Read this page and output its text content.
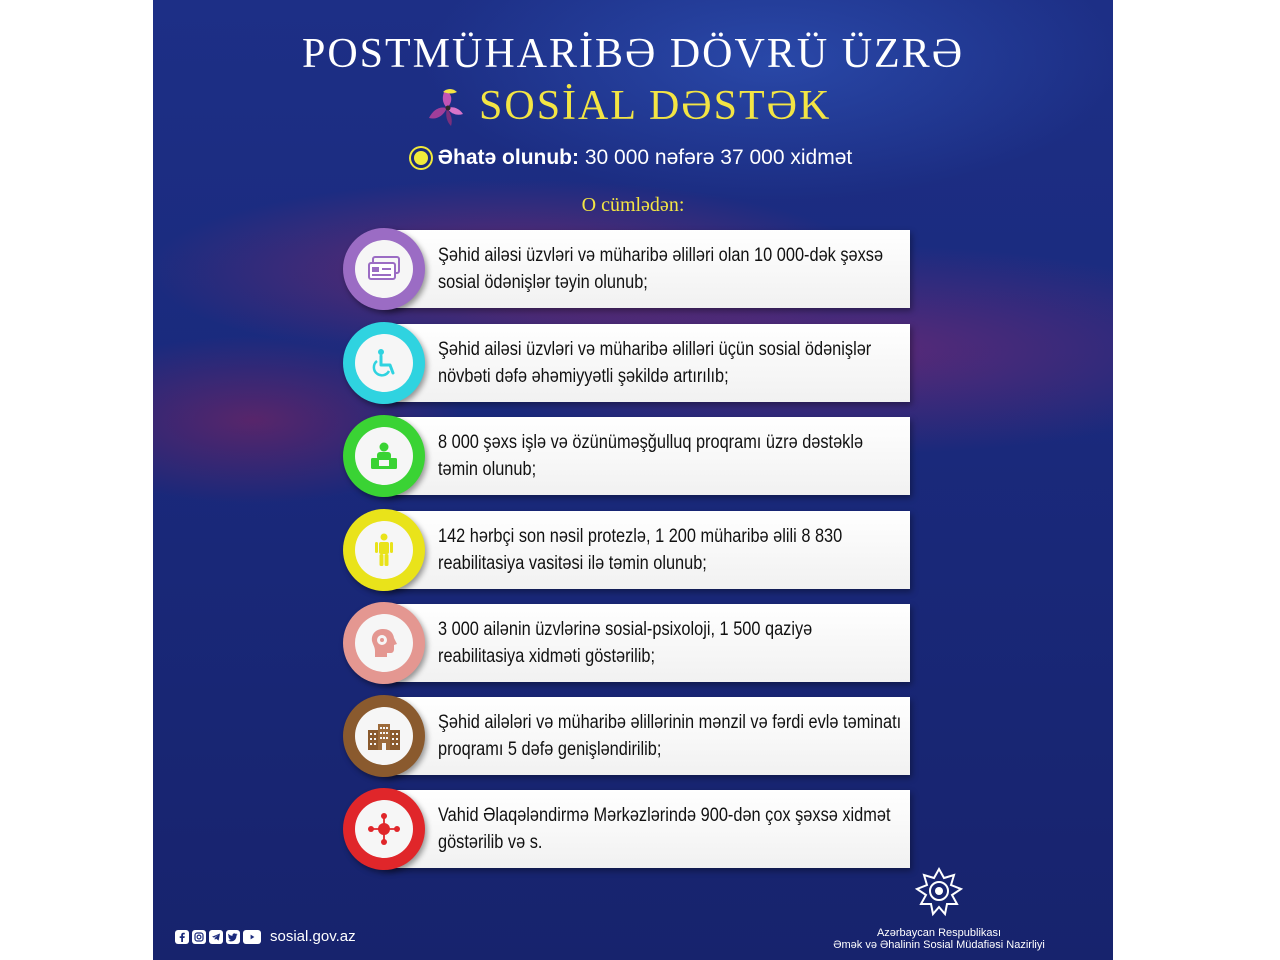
POSTMÜHARİBƏ DÖVRÜ ÜZRƏ
SOSİAL DƏSTƏK
Əhatə olunub: 30 000 nəfərə 37 000 xidmət
O cümlədən:
Şəhid ailəsi üzvləri və müharibə əlilləri olan 10 000-dək şəxsə sosial ödənişlər təyin olunub;
Şəhid ailəsi üzvləri və müharibə əlilləri üçün sosial ödənişlər növbəti dəfə əhəmiyyətli şəkildə artırılıb;
8 000 şəxs işlə və özünüməşğulluq proqramı üzrə dəstəklə təmin olunub;
142 hərbçi son nəsil protezlə, 1 200 müharibə əlili 8 830 reabilitasiya vasitəsi ilə təmin olunub;
3 000 ailənin üzvlərinə sosial-psixoloji, 1 500 qaziyə reabilitasiya xidməti göstərilib;
Şəhid ailələri və müharibə əlillərinin mənzil və fərdi evlə təminatı proqramı 5 dəfə genişləndirilib;
Vahid Əlaqələndirmə Mərkəzlərində 900-dən çox şəxsə xidmət göstərilib və s.
sosial.gov.az	Azərbaycan Respublikası
Əmək və Əhalinin Sosial Müdafiəsi Nazirliyi
